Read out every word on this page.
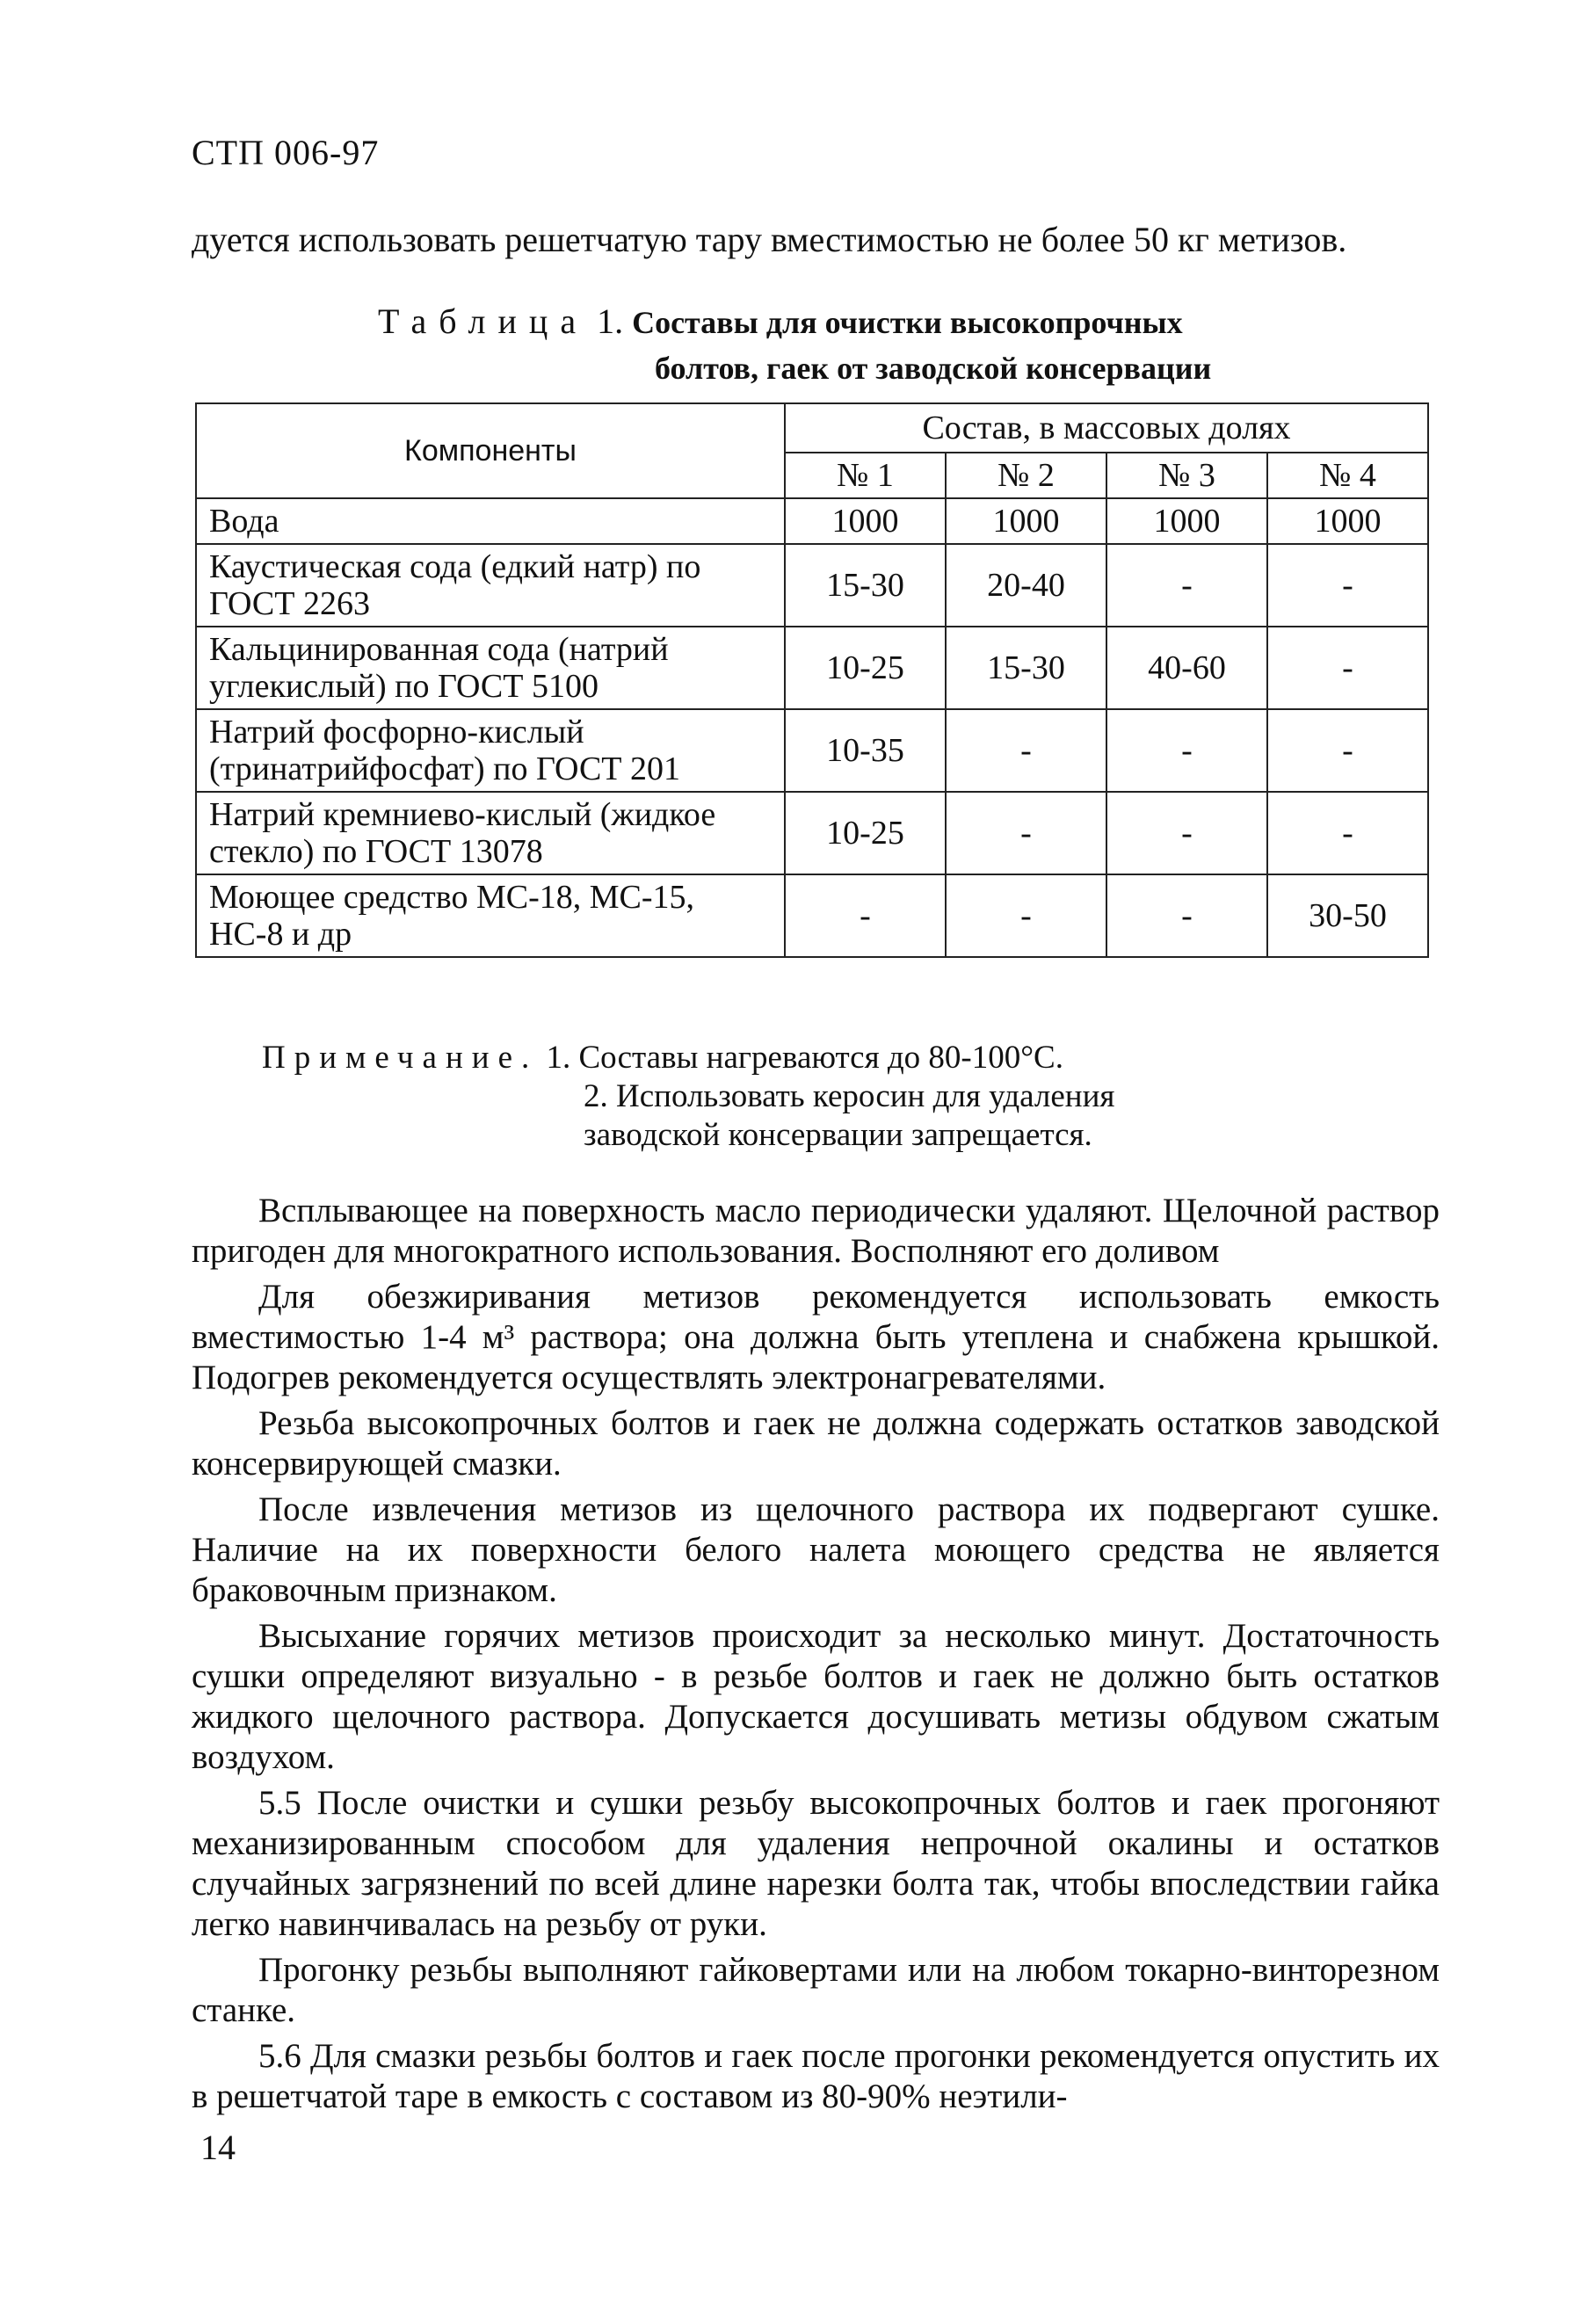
СТП 006-97
дуется использовать решетчатую тару вместимостью не более 50 кг метизов.
Таблица 1. Составы для очистки высокопрочных
болтов, гаек от заводской консервации
Компоненты	Состав, в массовых долях			
	№ 1	№ 2	№ 3	№ 4
Вода	1000	1000	1000	1000
Каустическая сода (едкий натр) по ГОСТ 2263	15-30	20-40	-	-
Кальцинированная сода (натрий углекислый) по ГОСТ 5100	10-25	15-30	40-60	-
Натрий фосфорно-кислый (тринатрийфосфат) по ГОСТ 201	10-35	-	-	-
Натрий кремниево-кислый (жидкое стекло) по ГОСТ 13078	10-25	-	-	-
Моющее средство МС-18, МС-15, НС-8 и др	-	-	-	30-50
Примечание. 1. Составы нагреваются до 80-100°С.
2. Использовать керосин для удаления
заводской консервации запрещается.

Всплывающее на поверхность масло периодически удаляют. Щелочной раствор пригоден для многократного использования. Восполняют его доливом

Для обезжиривания метизов рекомендуется использовать емкость вместимостью 1-4 м³ раствора; она должна быть утеплена и снабжена крышкой. Подогрев рекомендуется осуществлять электронагревателями.

Резьба высокопрочных болтов и гаек не должна содержать остатков заводской консервирующей смазки.

После извлечения метизов из щелочного раствора их подвергают сушке. Наличие на их поверхности белого налета моющего средства не является браковочным признаком.

Высыхание горячих метизов происходит за несколько минут. Достаточность сушки определяют визуально - в резьбе болтов и гаек не должно быть остатков жидкого щелочного раствора. Допускается досушивать метизы обдувом сжатым воздухом.

5.5 После очистки и сушки резьбу высокопрочных болтов и гаек прогоняют механизированным способом для удаления непрочной окалины и остатков случайных загрязнений по всей длине нарезки болта так, чтобы впоследствии гайка легко навинчивалась на резьбу от руки.

Прогонку резьбы выполняют гайковертами или на любом токарно-винторезном станке.

5.6 Для смазки резьбы болтов и гаек после прогонки рекомендуется опустить их в решетчатой таре в емкость с составом из 80-90% неэтили-

14
